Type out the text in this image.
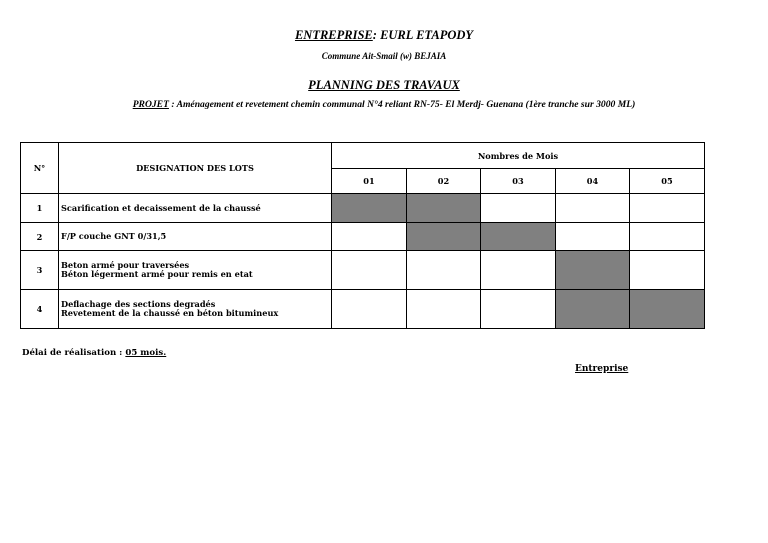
ENTREPRISE: EURL ETAPODY
Commune Ait-Smail (w) BEJAIA
PLANNING DES TRAVAUX
PROJET : Aménagement et revetement chemin communal N°4 reliant RN-75- El Merdj- Guenana (1ère tranche sur 3000 ML)
N°	DESIGNATION DES LOTS	Nombres de Mois				
		01	02	03	04	05
1	Scarification et decaissement de la chaussé					

2	F/P couche GNT 0/31,5					

3	Beton armé pour traversées
Béton légerment armé pour remis en etat					

4	Deflachage des sections degradés
Revetement de la chaussé en béton bitumineux					

Délai de réalisation : 05 mois.
Entreprise
